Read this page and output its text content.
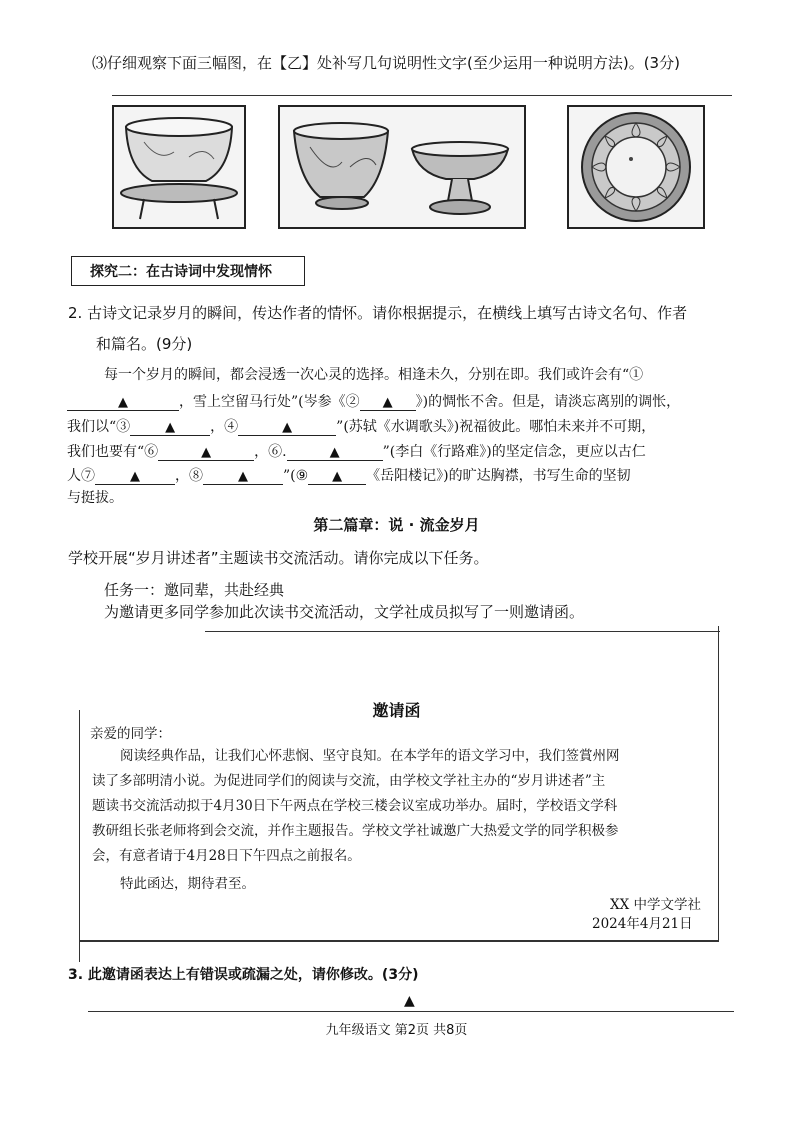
⑶仔细观察下面三幅图，在【乙】处补写几句说明性文字(至少运用一种说明方法)。(3分)
探究二：在古诗词中发现情怀
2. 古诗文记录岁月的瞬间，传达作者的情怀。请你根据提示，在横线上填写古诗文名句、作者
和篇名。(9分)
每一个岁月的瞬间，都会浸透一次心灵的选择。相逢未久，分别在即。我们或许会有“①
▲	，雪上空留马行处”(岑参《② ▲ 》)的惆怅不舍。但是，请淡忘离别的调怅，
我们以“③	▲	，④	▲	”(苏轼《水调歌头》)祝福彼此。哪怕未来并不可期，
我们也要有“⑥	▲	，⑥.	▲	”(李白《行路难》)的坚定信念，更应以古仁
人⑦	▲	，⑧	▲	”(⑨ ▲ 《岳阳楼记》)的旷达胸襟，书写生命的坚韧
与挺拔。
第二篇章：说 · 流金岁月
学校开展“岁月讲述者”主题读书交流活动。请你完成以下任务。
任务一：邀同辈，共赴经典
为邀请更多同学参加此次读书交流活动，文学社成员拟写了一则邀请函。
邀请函
亲爱的同学：
阅读经典作品，让我们心怀悲悯、坚守良知。在本学年的语文学习中，我们签賞州网
读了多部明清小说。为促进同学们的阅读与交流，由学校文学社主办的“岁月讲述者”主
题读书交流活动拟于4月30日下午两点在学校三楼会议室成功举办。届时，学校语文学科
教研组长张老师将到会交流，并作主题报告。学校文学社诚邀广大热爱文学的同学积极参
会，有意者请于4月28日下午四点之前报名。
特此函达，期待君至。
XX 中学文学社
2024年4月21日
3. 此邀请函表达上有错误或疏漏之处，请你修改。(3分)
▲
九年级语文 第2页 共8页
